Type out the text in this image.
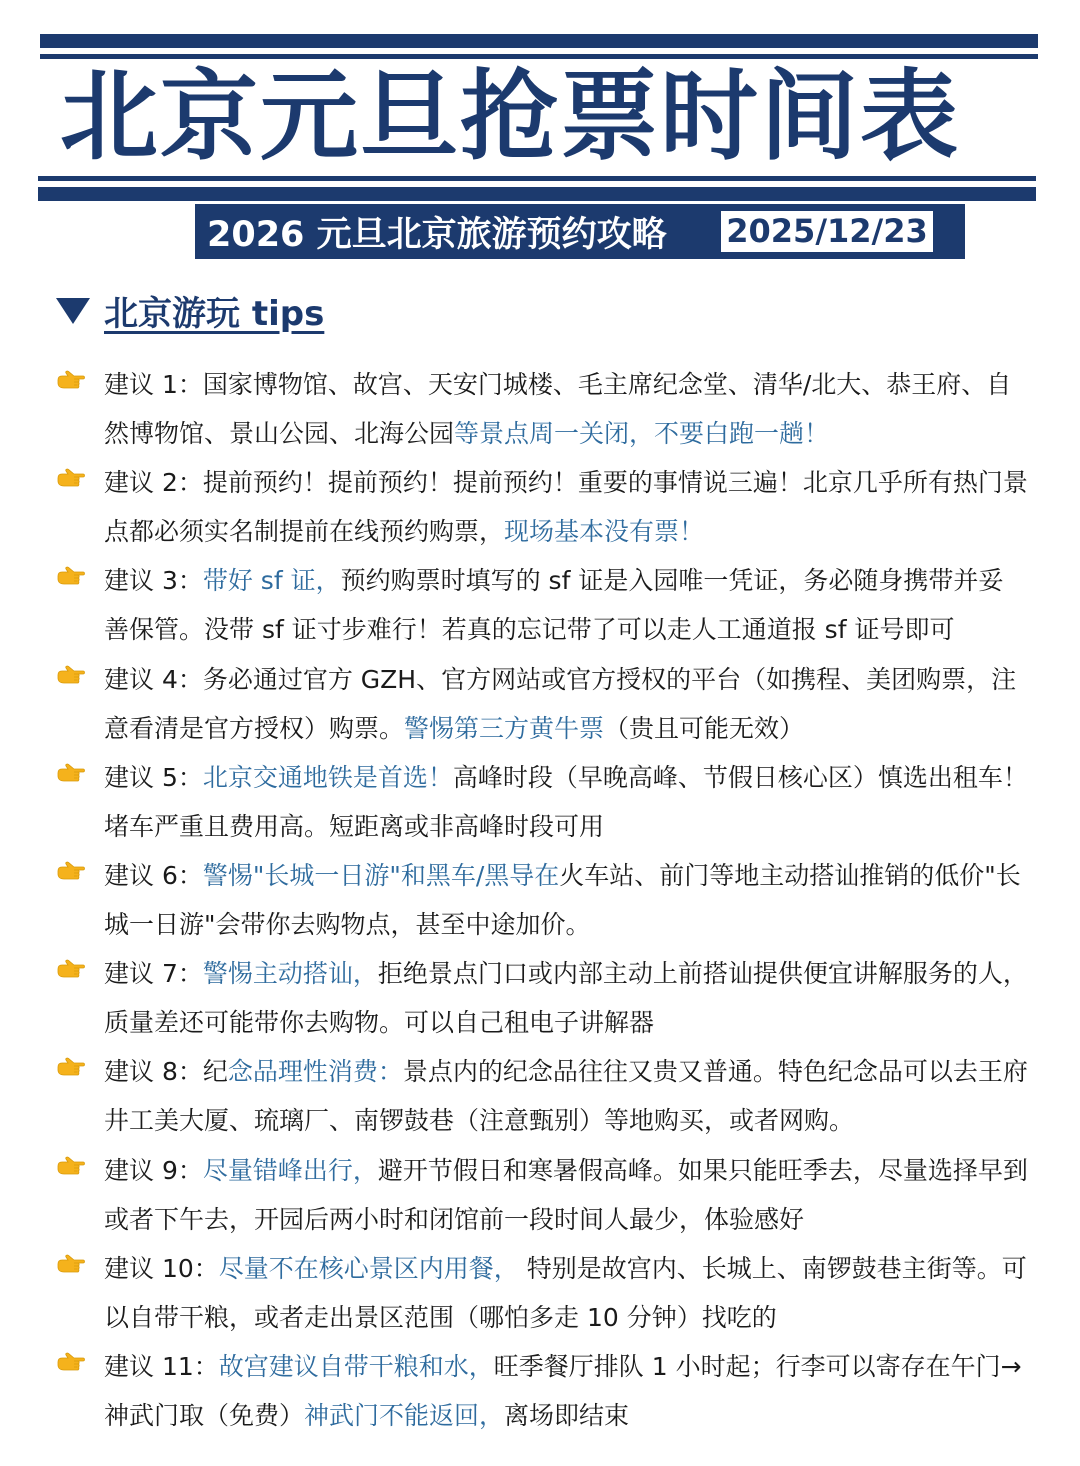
北京元旦抢票时间表
2026 元旦北京旅游预约攻略	2025/12/23
北京游玩 tips
建议 1：国家博物馆、故宫、天安门城楼、毛主席纪念堂、清华/北大、恭王府、自然博物馆、景山公园、北海公园等景点周一关闭，不要白跑一趟！
建议 2：提前预约！提前预约！提前预约！重要的事情说三遍！北京几乎所有热门景点都必须实名制提前在线预约购票，现场基本没有票！
建议 3：带好 sf 证，预约购票时填写的 sf 证是入园唯一凭证，务必随身携带并妥善保管。没带 sf 证寸步难行！若真的忘记带了可以走人工通道报 sf 证号即可
建议 4：务必通过官方 GZH、官方网站或官方授权的平台（如携程、美团购票，注意看清是官方授权）购票。警惕第三方黄牛票（贵且可能无效）
建议 5：北京交通地铁是首选！高峰时段（早晚高峰、节假日核心区）慎选出租车！堵车严重且费用高。短距离或非高峰时段可用
建议 6：警惕"长城一日游"和黑车/黑导在火车站、前门等地主动搭讪推销的低价"长城一日游"会带你去购物点，甚至中途加价。
建议 7：警惕主动搭讪，拒绝景点门口或内部主动上前搭讪提供便宜讲解服务的人，质量差还可能带你去购物。可以自己租电子讲解器
建议 8：纪念品理性消费：景点内的纪念品往往又贵又普通。特色纪念品可以去王府井工美大厦、琉璃厂、南锣鼓巷（注意甄别）等地购买，或者网购。
建议 9：尽量错峰出行，避开节假日和寒暑假高峰。如果只能旺季去，尽量选择早到或者下午去，开园后两小时和闭馆前一段时间人最少，体验感好
建议 10：尽量不在核心景区内用餐， 特别是故宫内、长城上、南锣鼓巷主街等。可以自带干粮，或者走出景区范围（哪怕多走 10 分钟）找吃的
建议 11：故宫建议自带干粮和水，旺季餐厅排队 1 小时起；行李可以寄存在午门→神武门取（免费）神武门不能返回，离场即结束
